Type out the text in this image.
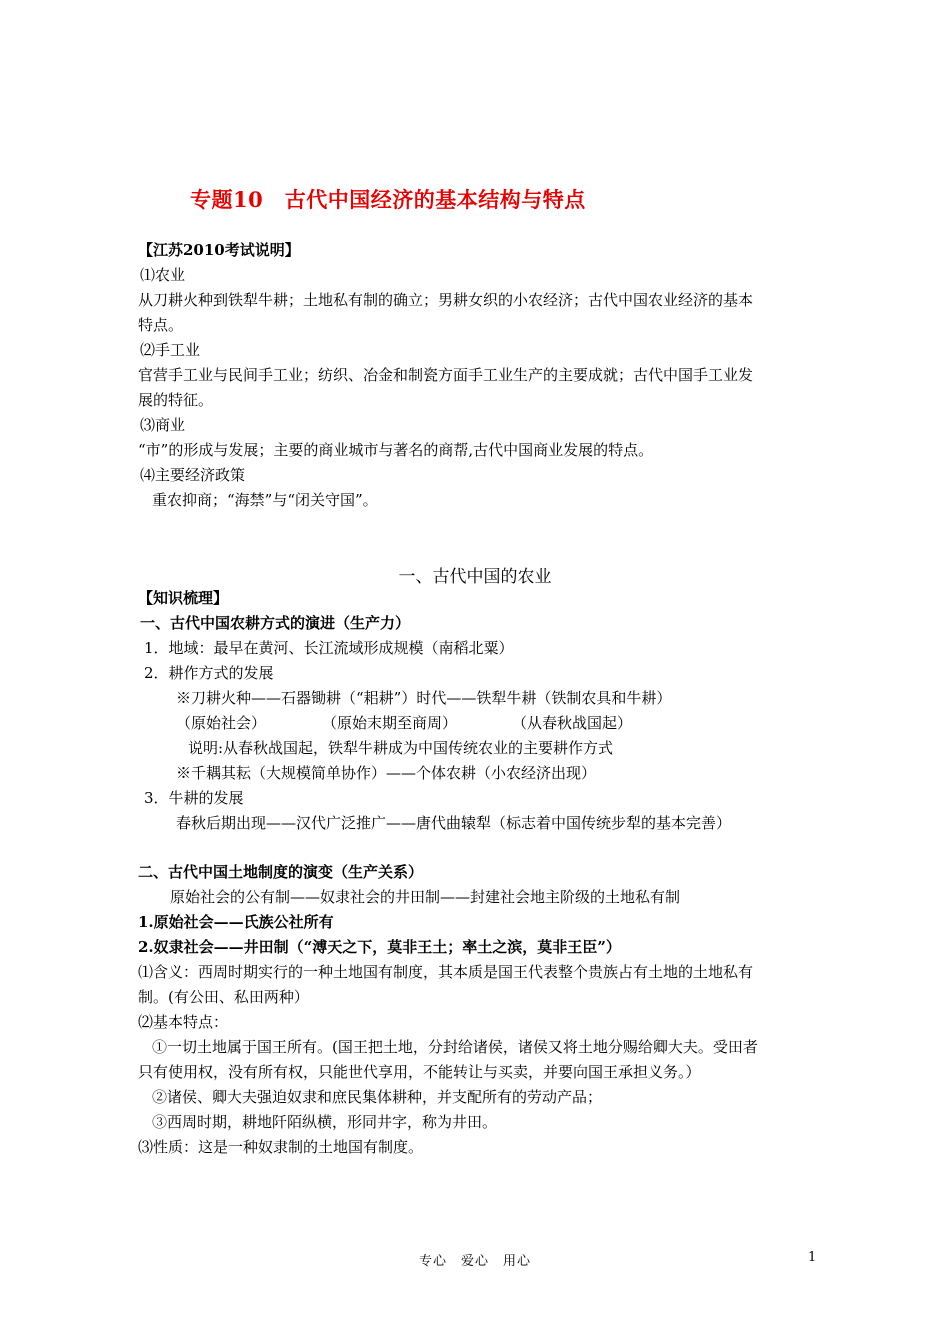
专题10　古代中国经济的基本结构与特点
【江苏2010考试说明】
⑴农业
从刀耕火种到铁犁牛耕；土地私有制的确立；男耕女织的小农经济；古代中国农业经济的基本
特点。
⑵手工业
官营手工业与民间手工业；纺织、冶金和制瓷方面手工业生产的主要成就；古代中国手工业发
展的特征。
⑶商业
“市”的形成与发展；主要的商业城市与著名的商帮,古代中国商业发展的特点。
⑷主要经济政策
重农抑商；“海禁”与“闭关守国”。
一、古代中国的农业
【知识梳理】
一、古代中国农耕方式的演进（生产力）
1．地域：最早在黄河、长江流域形成规模（南稻北粟）
2．耕作方式的发展
※刀耕火种——石器锄耕（“耜耕”）时代——铁犁牛耕（铁制农具和牛耕）
（原始社会）	（原始末期至商周）	（从春秋战国起）
说明:从春秋战国起，铁犁牛耕成为中国传统农业的主要耕作方式
※千耦其耘（大规模简单协作）——个体农耕（小农经济出现）
3．牛耕的发展
春秋后期出现——汉代广泛推广——唐代曲辕犁（标志着中国传统步犁的基本完善）
二、古代中国土地制度的演变（生产关系）
原始社会的公有制——奴隶社会的井田制——封建社会地主阶级的土地私有制
1.原始社会——氏族公社所有
2.奴隶社会——井田制（“溥天之下，莫非王土；率土之滨，莫非王臣”）
⑴含义：西周时期实行的一种土地国有制度，其本质是国王代表整个贵族占有土地的土地私有
制。(有公田、私田两种）
⑵基本特点：
①一切土地属于国王所有。(国王把土地，分封给诸侯，诸侯又将土地分赐给卿大夫。受田者
只有使用权，没有所有权，只能世代享用，不能转让与买卖，并要向国王承担义务。）
②诸侯、卿大夫强迫奴隶和庶民集体耕种，并支配所有的劳动产品；
③西周时期，耕地阡陌纵横，形同井字，称为井田。
⑶性质：这是一种奴隶制的土地国有制度。
专心　爱心　用心	1
